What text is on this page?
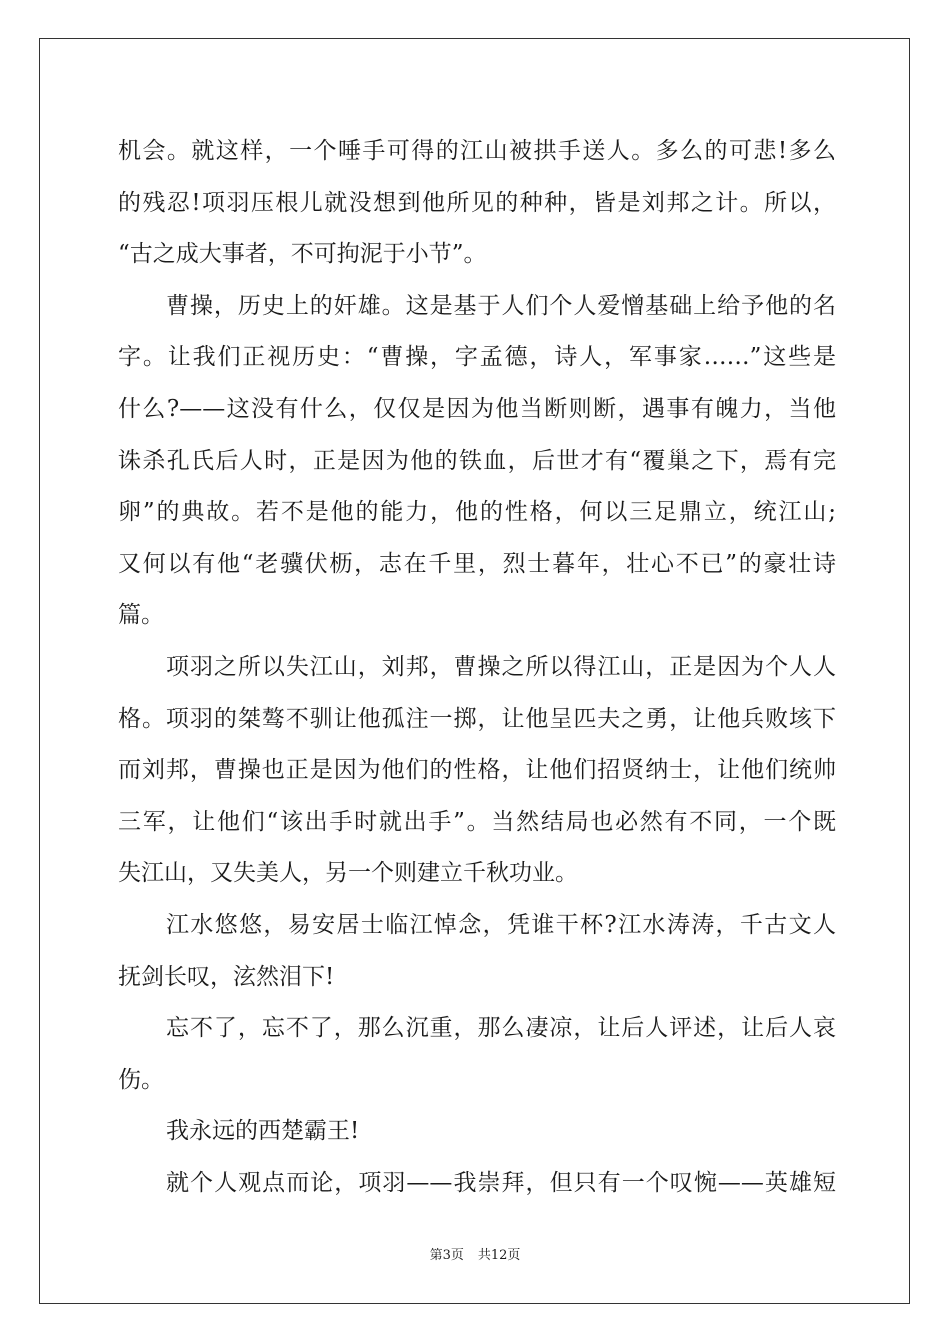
机会。就这样，一个唾手可得的江山被拱手送人。多么的可悲!多么
的残忍!项羽压根儿就没想到他所见的种种，皆是刘邦之计。所以，
“古之成大事者，不可拘泥于小节”。
曹操，历史上的奸雄。这是基于人们个人爱憎基础上给予他的名
字。让我们正视历史：“曹操，字孟德，诗人，军事家……”这些是
什么?——这没有什么，仅仅是因为他当断则断，遇事有魄力，当他
诛杀孔氏后人时，正是因为他的铁血，后世才有“覆巢之下，焉有完
卵”的典故。若不是他的能力，他的性格，何以三足鼎立，统江山;
又何以有他“老骥伏枥，志在千里，烈士暮年，壮心不已”的豪壮诗
篇。
项羽之所以失江山，刘邦，曹操之所以得江山，正是因为个人人
格。项羽的桀骜不驯让他孤注一掷，让他呈匹夫之勇，让他兵败垓下
而刘邦，曹操也正是因为他们的性格，让他们招贤纳士，让他们统帅
三军，让他们“该出手时就出手”。当然结局也必然有不同，一个既
失江山，又失美人，另一个则建立千秋功业。
江水悠悠，易安居士临江悼念，凭谁干杯?江水涛涛，千古文人
抚剑长叹，泫然泪下!
忘不了，忘不了，那么沉重，那么凄凉，让后人评述，让后人哀
伤。
我永远的西楚霸王!
就个人观点而论，项羽——我崇拜，但只有一个叹惋——英雄短
第3页 共12页
